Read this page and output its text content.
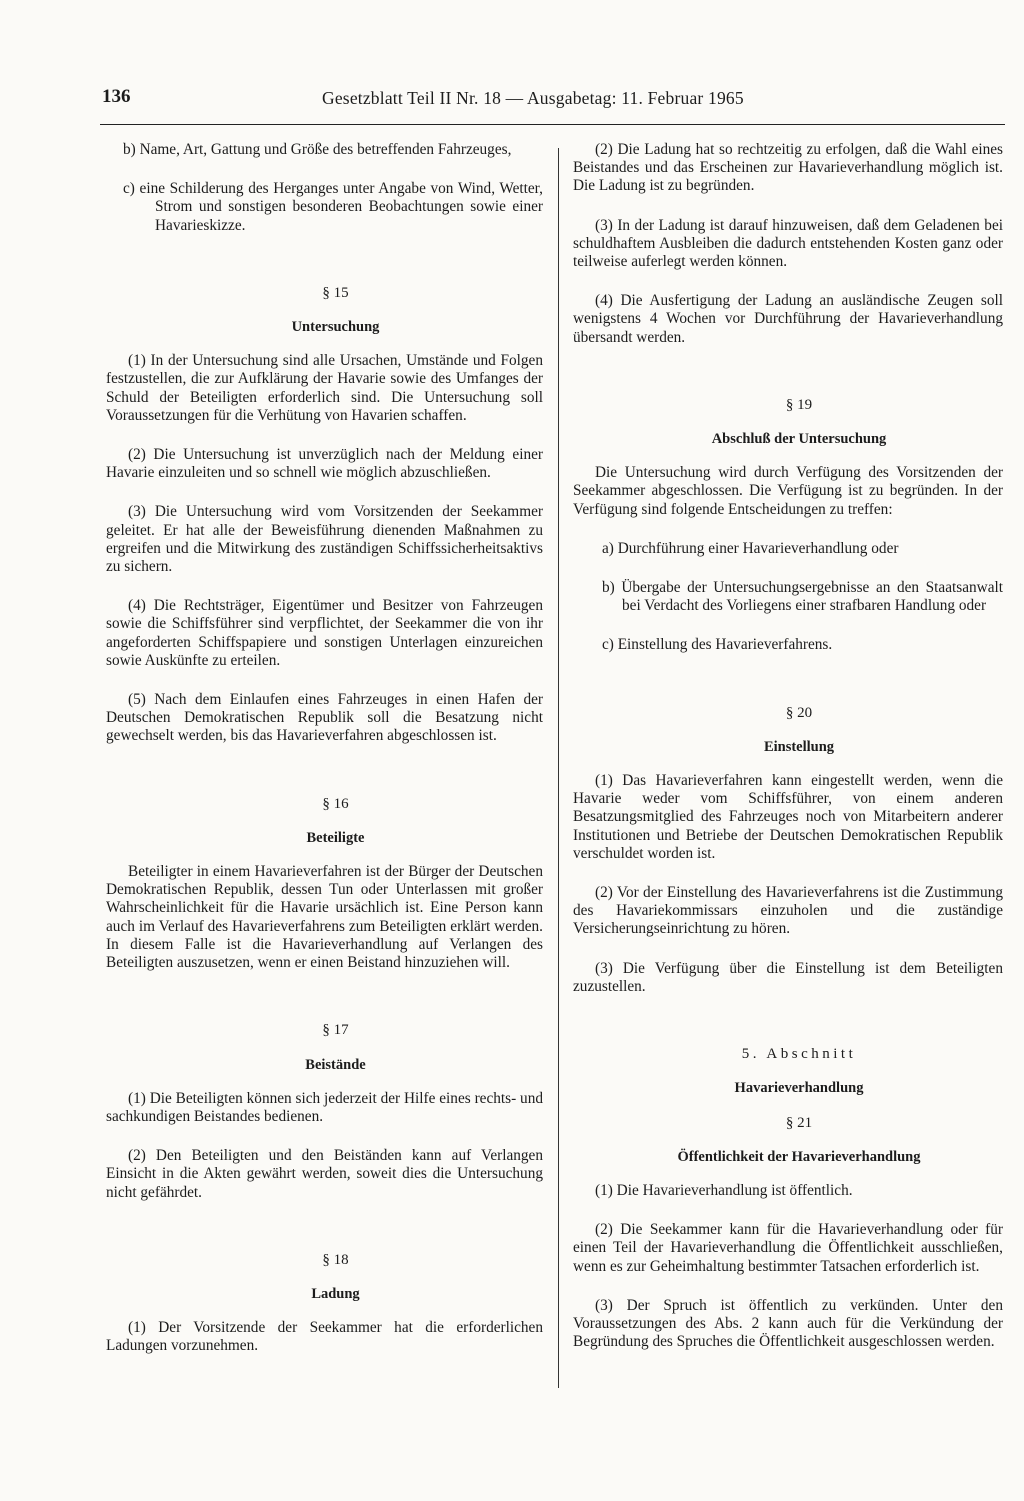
136	Gesetzblatt Teil II Nr. 18 — Ausgabetag: 11. Februar 1965

b) Name, Art, Gattung und Größe des betreffenden Fahrzeuges,

c) eine Schilderung des Herganges unter Angabe von Wind, Wetter, Strom und sonstigen besonderen Beobachtungen sowie einer Havarieskizze.

§ 15

Untersuchung

(1) In der Untersuchung sind alle Ursachen, Umstände und Folgen festzustellen, die zur Aufklärung der Havarie sowie des Umfanges der Schuld der Beteiligten erforderlich sind. Die Untersuchung soll Voraussetzungen für die Verhütung von Havarien schaffen.

(2) Die Untersuchung ist unverzüglich nach der Meldung einer Havarie einzuleiten und so schnell wie möglich abzuschließen.

(3) Die Untersuchung wird vom Vorsitzenden der Seekammer geleitet. Er hat alle der Beweisführung dienenden Maßnahmen zu ergreifen und die Mitwirkung des zuständigen Schiffssicherheitsaktivs zu sichern.

(4) Die Rechtsträger, Eigentümer und Besitzer von Fahrzeugen sowie die Schiffsführer sind verpflichtet, der Seekammer die von ihr angeforderten Schiffspapiere und sonstigen Unterlagen einzureichen sowie Auskünfte zu erteilen.

(5) Nach dem Einlaufen eines Fahrzeuges in einen Hafen der Deutschen Demokratischen Republik soll die Besatzung nicht gewechselt werden, bis das Havarieverfahren abgeschlossen ist.

§ 16

Beteiligte

Beteiligter in einem Havarieverfahren ist der Bürger der Deutschen Demokratischen Republik, dessen Tun oder Unterlassen mit großer Wahrscheinlichkeit für die Havarie ursächlich ist. Eine Person kann auch im Verlauf des Havarieverfahrens zum Beteiligten erklärt werden. In diesem Falle ist die Havarieverhandlung auf Verlangen des Beteiligten auszusetzen, wenn er einen Beistand hinzuziehen will.

§ 17

Beistände

(1) Die Beteiligten können sich jederzeit der Hilfe eines rechts- und sachkundigen Beistandes bedienen.

(2) Den Beteiligten und den Beiständen kann auf Verlangen Einsicht in die Akten gewährt werden, soweit dies die Untersuchung nicht gefährdet.

§ 18

Ladung

(1) Der Vorsitzende der Seekammer hat die erforderlichen Ladungen vorzunehmen.

(2) Die Ladung hat so rechtzeitig zu erfolgen, daß die Wahl eines Beistandes und das Erscheinen zur Havarieverhandlung möglich ist. Die Ladung ist zu begründen.

(3) In der Ladung ist darauf hinzuweisen, daß dem Geladenen bei schuldhaftem Ausbleiben die dadurch entstehenden Kosten ganz oder teilweise auferlegt werden können.

(4) Die Ausfertigung der Ladung an ausländische Zeugen soll wenigstens 4 Wochen vor Durchführung der Havarieverhandlung übersandt werden.

§ 19

Abschluß der Untersuchung

Die Untersuchung wird durch Verfügung des Vorsitzenden der Seekammer abgeschlossen. Die Verfügung ist zu begründen. In der Verfügung sind folgende Entscheidungen zu treffen:

a) Durchführung einer Havarieverhandlung oder

b) Übergabe der Untersuchungsergebnisse an den Staatsanwalt bei Verdacht des Vorliegens einer strafbaren Handlung oder

c) Einstellung des Havarieverfahrens.

§ 20

Einstellung

(1) Das Havarieverfahren kann eingestellt werden, wenn die Havarie weder vom Schiffsführer, von einem anderen Besatzungsmitglied des Fahrzeuges noch von Mitarbeitern anderer Institutionen und Betriebe der Deutschen Demokratischen Republik verschuldet worden ist.

(2) Vor der Einstellung des Havarieverfahrens ist die Zustimmung des Havariekommissars einzuholen und die zuständige Versicherungseinrichtung zu hören.

(3) Die Verfügung über die Einstellung ist dem Beteiligten zuzustellen.

5. Abschnitt

Havarieverhandlung

§ 21

Öffentlichkeit der Havarieverhandlung

(1) Die Havarieverhandlung ist öffentlich.

(2) Die Seekammer kann für die Havarieverhandlung oder für einen Teil der Havarieverhandlung die Öffentlichkeit ausschließen, wenn es zur Geheimhaltung bestimmter Tatsachen erforderlich ist.

(3) Der Spruch ist öffentlich zu verkünden. Unter den Voraussetzungen des Abs. 2 kann auch für die Verkündung der Begründung des Spruches die Öffentlichkeit ausgeschlossen werden.
